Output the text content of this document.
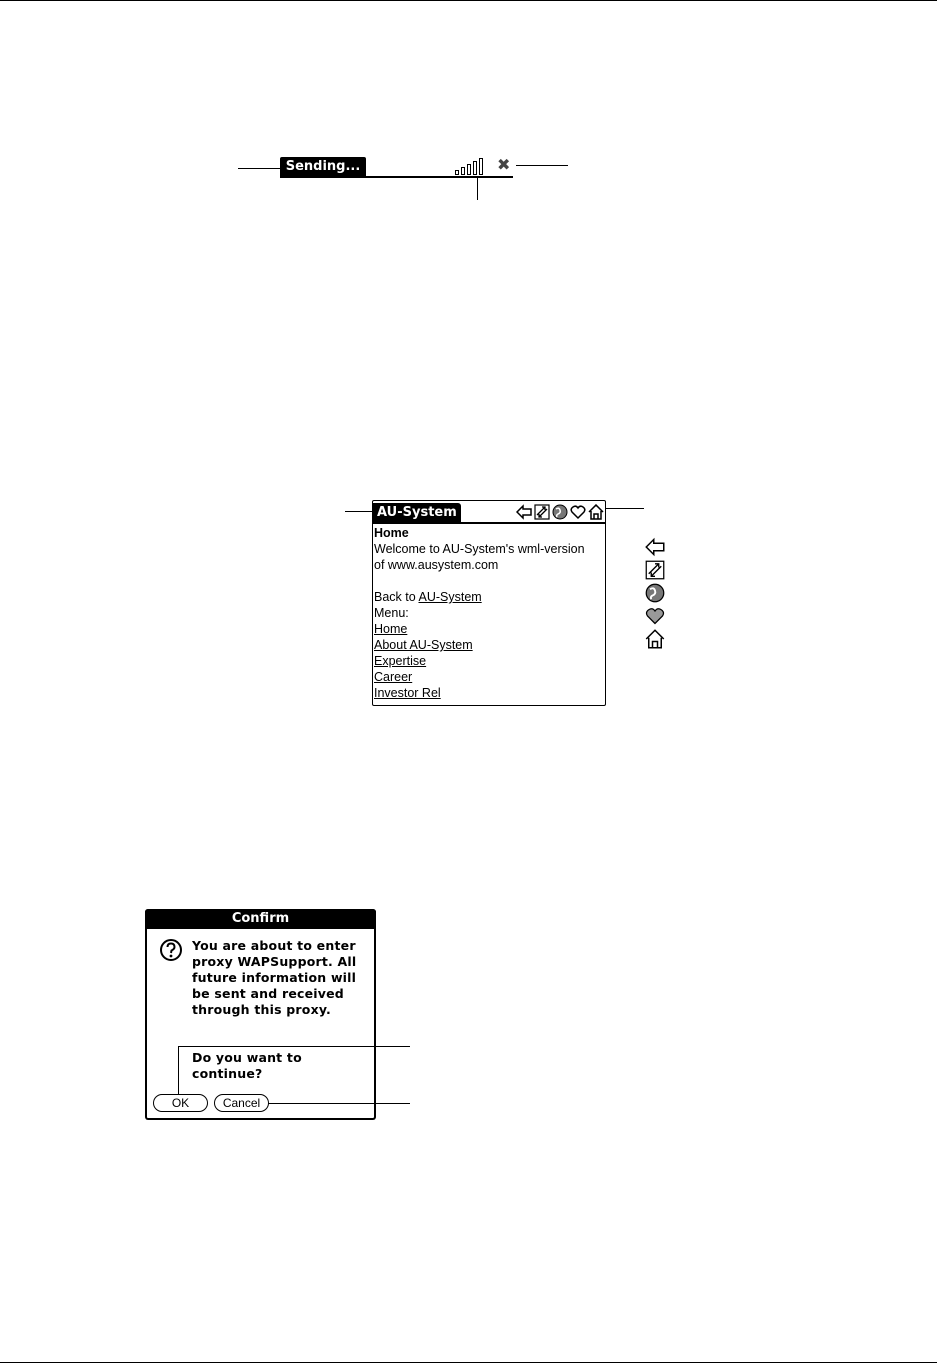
Sending...	✖
AU-System
Home
Welcome to AU-System's wml-version
of www.ausystem.com
Back to AU-System
Menu:
Home
About AU-System
Expertise
Career
Investor Rel
Confirm
You are about to enter
proxy WAPSupport. All
future information will
be sent and received
through this proxy.
Do you want to
continue?
OK	Cancel
